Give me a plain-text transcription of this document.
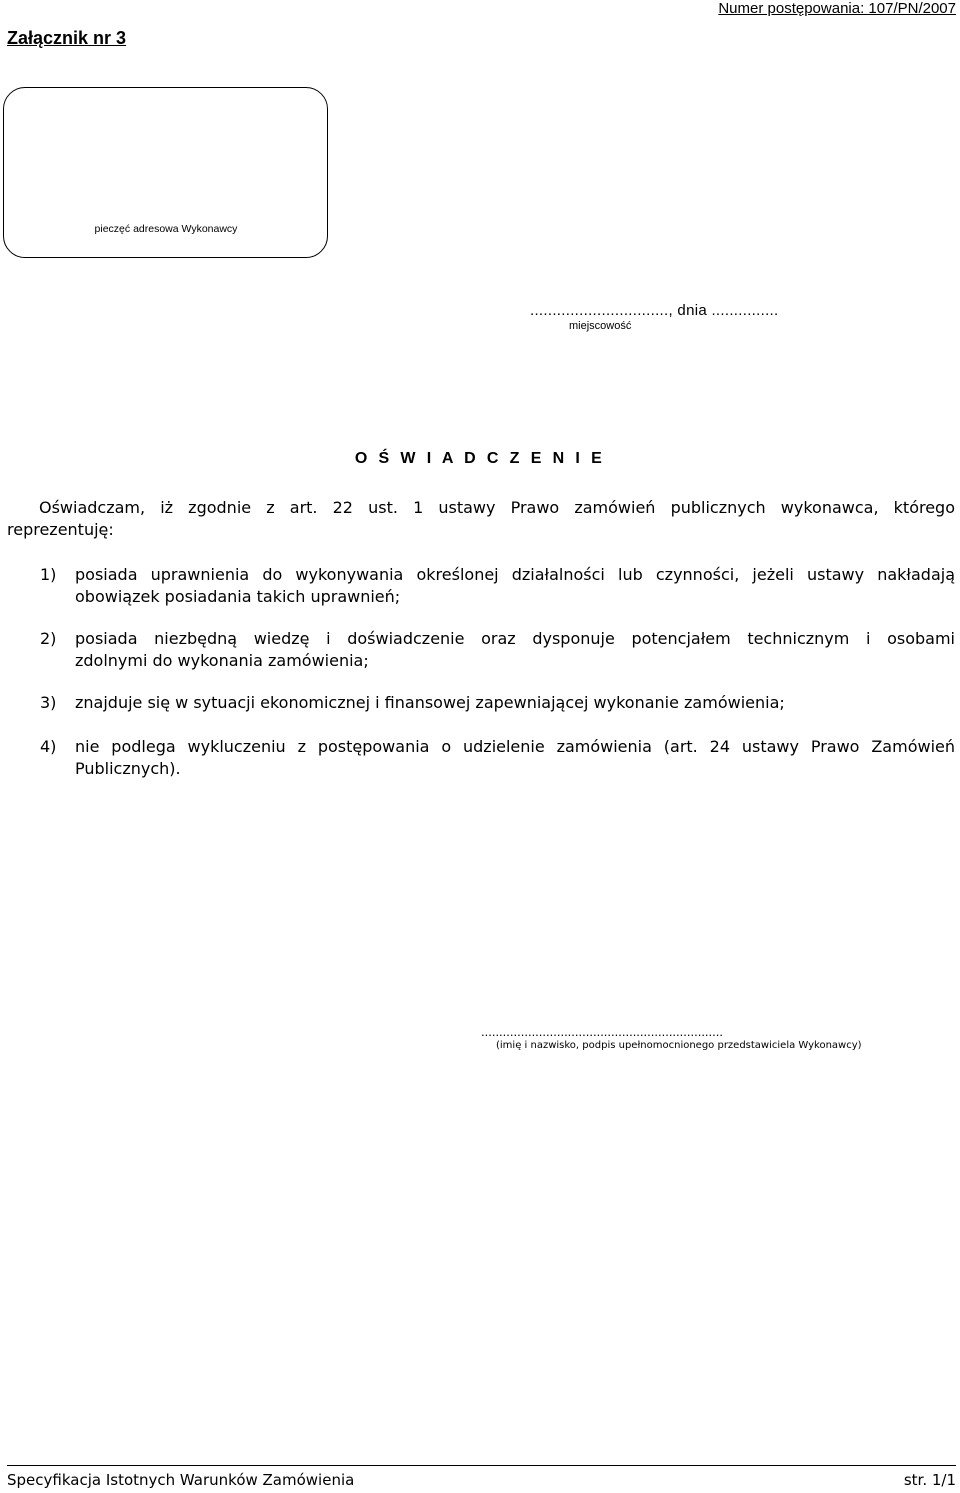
Numer postępowania: 107/PN/2007
Załącznik nr 3
pieczęć adresowa Wykonawcy
..............................., dnia ...............
miejscowość
O Ś W I A D C Z E N I E
Oświadczam, iż zgodnie z art. 22 ust. 1 ustawy Prawo zamówień publicznych wykonawca, którego
reprezentuję:
1) posiada uprawnienia do wykonywania określonej działalności lub czynności, jeżeli ustawy nakładają
obowiązek posiadania takich uprawnień;
2) posiada niezbędną wiedzę i doświadczenie oraz dysponuje potencjałem technicznym i osobami
zdolnymi do wykonania zamówienia;
3) znajduje się w sytuacji ekonomicznej i finansowej zapewniającej wykonanie zamówienia;
4) nie podlega wykluczeniu z postępowania o udzielenie zamówienia (art. 24 ustawy Prawo Zamówień
Publicznych).
...................................................................
(imię i nazwisko, podpis upełnomocnionego przedstawiciela Wykonawcy)
Specyfikacja Istotnych Warunków Zamówienia	str. 1/1
